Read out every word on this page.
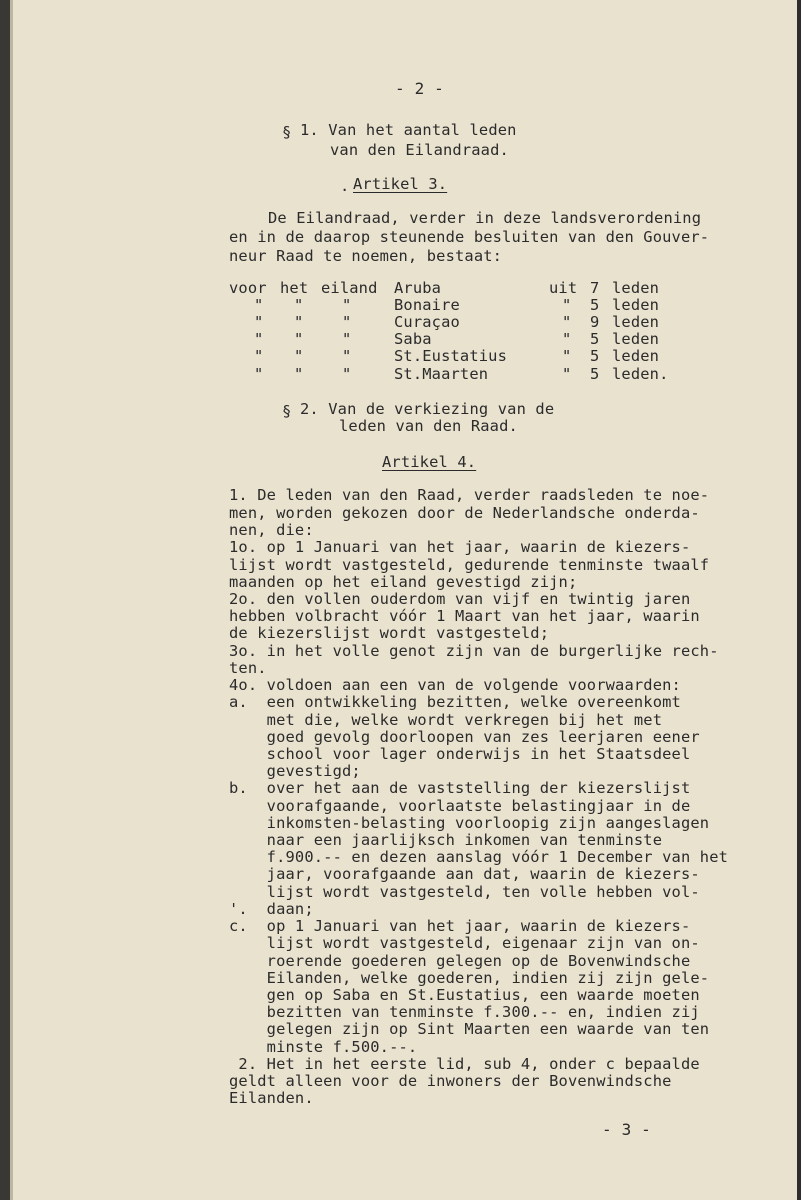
- 2 -

§ 1. Van het aantal leden

van den Eilandraad.

. Artikel 3.

De Eilandraad, verder in deze landsverordening

en in de daarop steunende besluiten van den Gouver-

neur Raad te noemen, bestaat:

voor het eiland Aruba	uit 7 leden

" "	"	Bonaire	" 5 leden

" "	"	Curaçao	" 9 leden

" "	"	Saba	" 5 leden

" "	"	St.Eustatius	" 5 leden

" "	"	St.Maarten	" 5 leden.

§ 2. Van de verkiezing van de

leden van den Raad.

Artikel 4.

1. De leden van den Raad, verder raadsleden te noe-

men, worden gekozen door de Nederlandsche onderda-

nen, die:

1o. op 1 Januari van het jaar, waarin de kiezers-

lijst wordt vastgesteld, gedurende tenminste twaalf

maanden op het eiland gevestigd zijn;

2o. den vollen ouderdom van vijf en twintig jaren

hebben volbracht vóór 1 Maart van het jaar, waarin

de kiezerslijst wordt vastgesteld;

3o. in het volle genot zijn van de burgerlijke rech-

ten.

4o. voldoen aan een van de volgende voorwaarden:

a.  een ontwikkeling bezitten, welke overeenkomt

met die, welke wordt verkregen bij het met

goed gevolg doorloopen van zes leerjaren eener

school voor lager onderwijs in het Staatsdeel

gevestigd;

b.  over het aan de vaststelling der kiezerslijst

voorafgaande, voorlaatste belastingjaar in de

inkomsten-belasting voorloopig zijn aangeslagen

naar een jaarlijksch inkomen van tenminste

f.900.-- en dezen aanslag vóór 1 December van het

jaar, voorafgaande aan dat, waarin de kiezers-

lijst wordt vastgesteld, ten volle hebben vol-

'.  daan;

c.  op 1 Januari van het jaar, waarin de kiezers-

lijst wordt vastgesteld, eigenaar zijn van on-

roerende goederen gelegen op de Bovenwindsche

Eilanden, welke goederen, indien zij zijn gele-

gen op Saba en St.Eustatius, een waarde moeten

bezitten van tenminste f.300.-- en, indien zij

gelegen zijn op Sint Maarten een waarde van ten

minste f.500.--.

2. Het in het eerste lid, sub 4, onder c bepaalde

geldt alleen voor de inwoners der Bovenwindsche

Eilanden.

- 3 -
